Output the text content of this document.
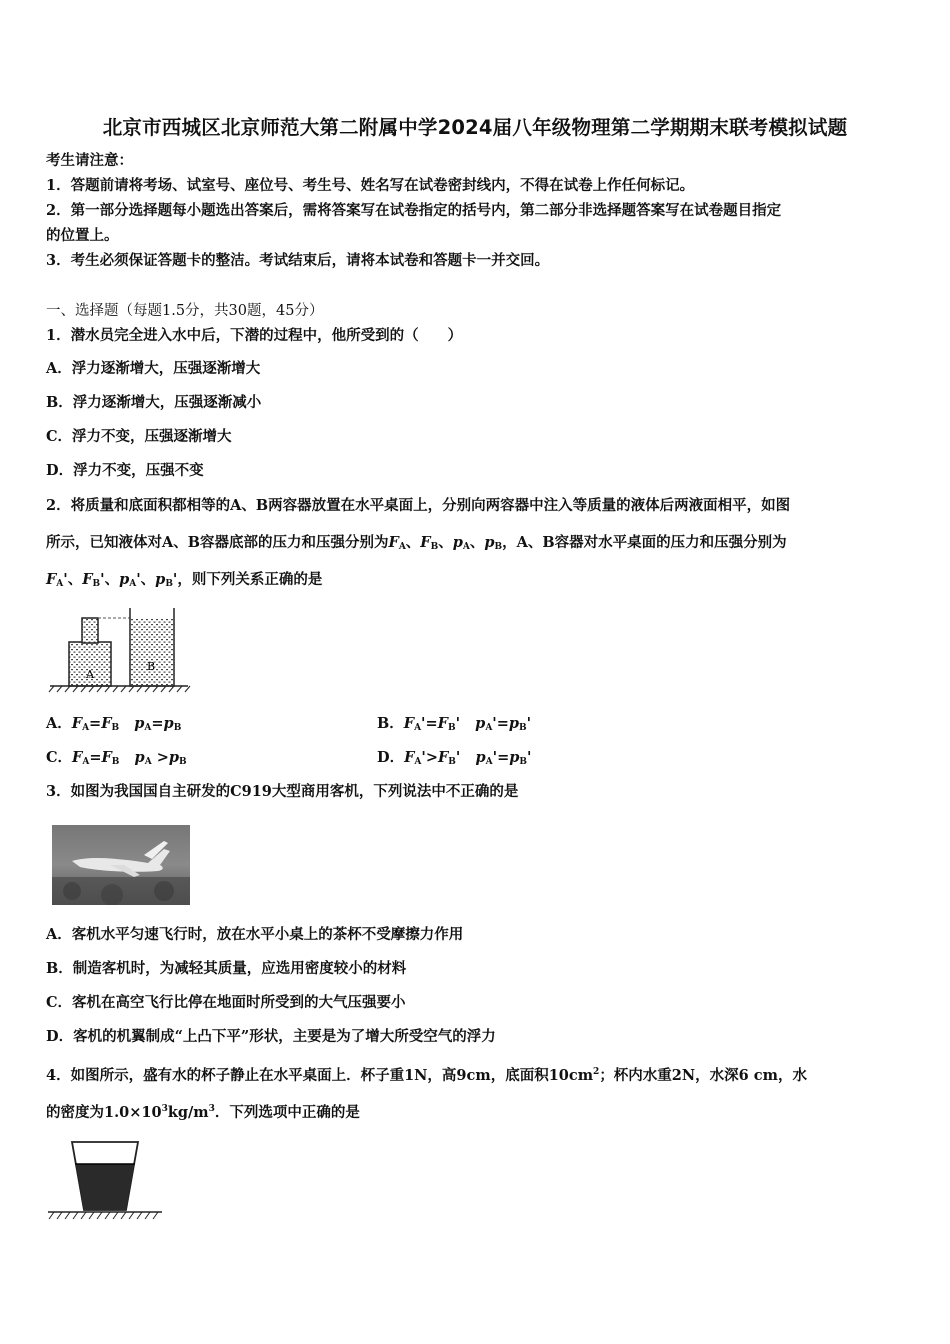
北京市西城区北京师范大第二附属中学2024届八年级物理第二学期期末联考模拟试题
考生请注意：
1．答题前请将考场、试室号、座位号、考生号、姓名写在试卷密封线内，不得在试卷上作任何标记。
2．第一部分选择题每小题选出答案后，需将答案写在试卷指定的括号内，第二部分非选择题答案写在试卷题目指定
的位置上。
3．考生必须保证答题卡的整洁。考试结束后，请将本试卷和答题卡一并交回。
一、选择题（每题1.5分，共30题，45分）
1．潜水员完全进入水中后，下潜的过程中，他所受到的（　　）
A．浮力逐渐增大，压强逐渐增大
B．浮力逐渐增大，压强逐渐减小
C．浮力不变，压强逐渐增大
D．浮力不变，压强不变
2．将质量和底面积都相等的A、B两容器放置在水平桌面上，分别向两容器中注入等质量的液体后两液面相平，如图
所示，已知液体对A、B容器底部的压力和压强分别为$F_A$、$F_B$、$p_A$、$p_B$，A、B容器对水平桌面的压力和压强分别为
$F_A'$、$F_B'$、$p_A'$、$p_B'$，则下列关系正确的是
A
B
A．$F_A=F_B$ $p_A=p_B$	B．$F_A'=F_B'$ $p_A'=p_B'$
C．$F_A=F_B$ $p_A >p_B$	D．$F_A'>F_B'$ $p_A'=p_B'$
3．如图为我国国自主研发的C919大型商用客机，下列说法中不正确的是
A．客机水平匀速飞行时，放在水平小桌上的茶杯不受摩擦力作用
B．制造客机时，为减轻其质量，应选用密度较小的材料
C．客机在高空飞行比停在地面时所受到的大气压强要小
D．客机的机翼制成“上凸下平”形状，主要是为了增大所受空气的浮力
4．如图所示，盛有水的杯子静止在水平桌面上．杯子重1N，高9cm，底面积$10cm^2$；杯内水重2N，水深6 cm，水
的密度为$1.0\times 10^3kg/m^3$．下列选项中正确的是
